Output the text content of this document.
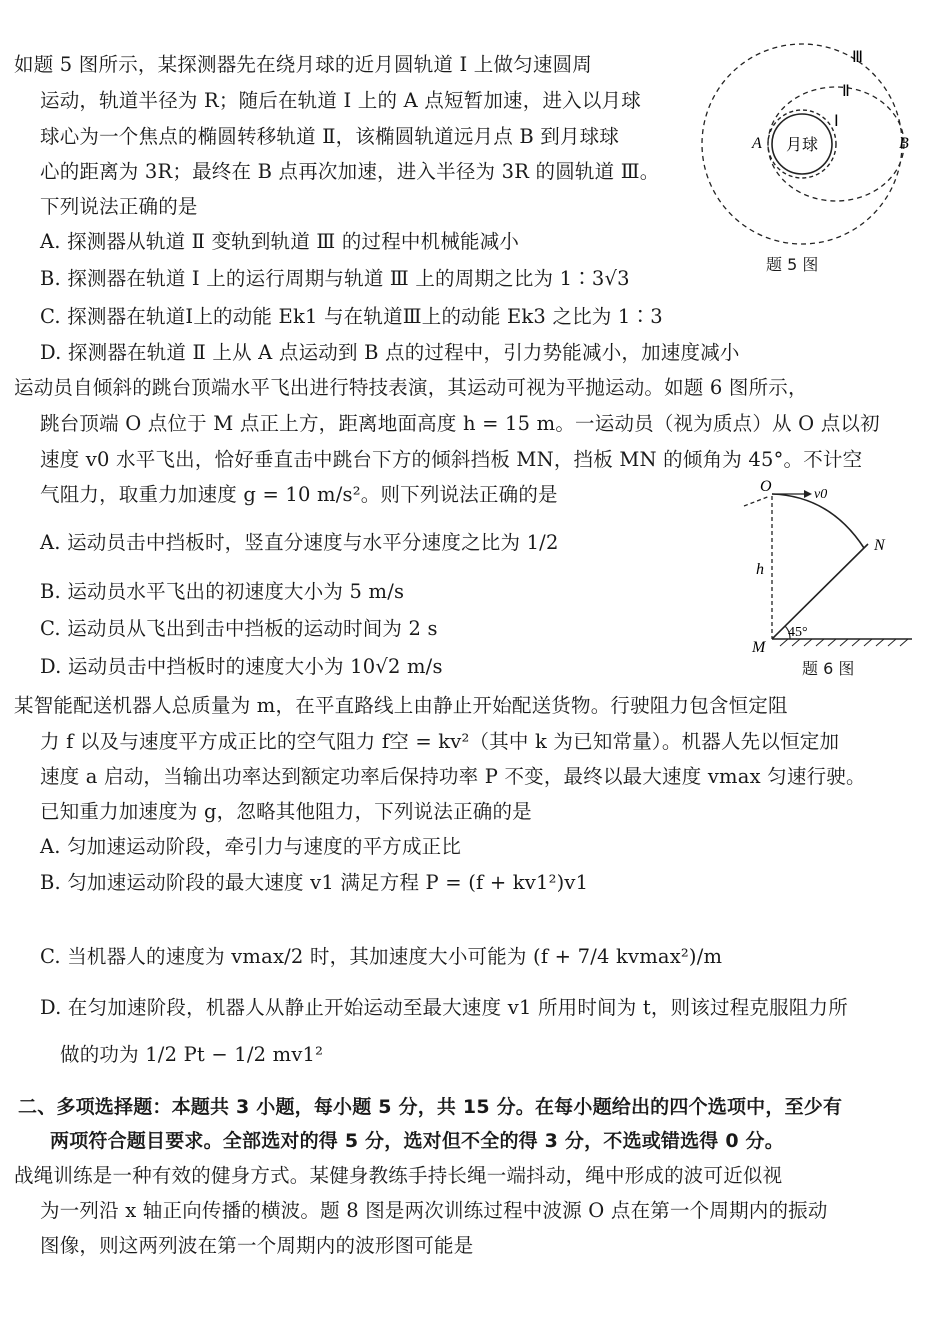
如题 5 图所示，某探测器先在绕月球的近月圆轨道 Ⅰ 上做匀速圆周
运动，轨道半径为 R；随后在轨道 Ⅰ 上的 A 点短暂加速，进入以月球
球心为一个焦点的椭圆转移轨道 Ⅱ，该椭圆轨道远月点 B 到月球球
心的距离为 3R；最终在 B 点再次加速，进入半径为 3R 的圆轨道 Ⅲ。
下列说法正确的是
A. 探测器从轨道 Ⅱ 变轨到轨道 Ⅲ 的过程中机械能减小
B. 探测器在轨道 Ⅰ 上的运行周期与轨道 Ⅲ 上的周期之比为 1∶3√3
C. 探测器在轨道Ⅰ上的动能 Ek1 与在轨道Ⅲ上的动能 Ek3 之比为 1∶3
D. 探测器在轨道 Ⅱ 上从 A 点运动到 B 点的过程中，引力势能减小，加速度减小
月球
A	B
Ⅰ
Ⅱ
Ⅲ
题 5 图
运动员自倾斜的跳台顶端水平飞出进行特技表演，其运动可视为平抛运动。如题 6 图所示，
跳台顶端 O 点位于 M 点正上方，距离地面高度 h = 15 m。一运动员（视为质点）从 O 点以初
速度 v0 水平飞出，恰好垂直击中跳台下方的倾斜挡板 MN，挡板 MN 的倾角为 45°。不计空
气阻力，取重力加速度 g = 10 m/s²。则下列说法正确的是
A. 运动员击中挡板时，竖直分速度与水平分速度之比为 1/2
B. 运动员水平飞出的初速度大小为 5 m/s
C. 运动员从飞出到击中挡板的运动时间为 2 s
D. 运动员击中挡板时的速度大小为 10√2 m/s
O	v0
N
h
M
45°
题 6 图
某智能配送机器人总质量为 m，在平直路线上由静止开始配送货物。行驶阻力包含恒定阻
力 f 以及与速度平方成正比的空气阻力 f空 = kv²（其中 k 为已知常量）。机器人先以恒定加
速度 a 启动，当输出功率达到额定功率后保持功率 P 不变，最终以最大速度 vmax 匀速行驶。
已知重力加速度为 g，忽略其他阻力，下列说法正确的是
A. 匀加速运动阶段，牵引力与速度的平方成正比
B. 匀加速运动阶段的最大速度 v1 满足方程 P = (f + kv1²)v1
C. 当机器人的速度为 vmax/2 时，其加速度大小可能为 (f + 7/4 kvmax²)/m
D. 在匀加速阶段，机器人从静止开始运动至最大速度 v1 所用时间为 t，则该过程克服阻力所
做的功为 1/2 Pt − 1/2 mv1²
二、多项选择题：本题共 3 小题，每小题 5 分，共 15 分。在每小题给出的四个选项中，至少有
两项符合题目要求。全部选对的得 5 分，选对但不全的得 3 分，不选或错选得 0 分。
战绳训练是一种有效的健身方式。某健身教练手持长绳一端抖动，绳中形成的波可近似视
为一列沿 x 轴正向传播的横波。题 8 图是两次训练过程中波源 O 点在第一个周期内的振动
图像，则这两列波在第一个周期内的波形图可能是
